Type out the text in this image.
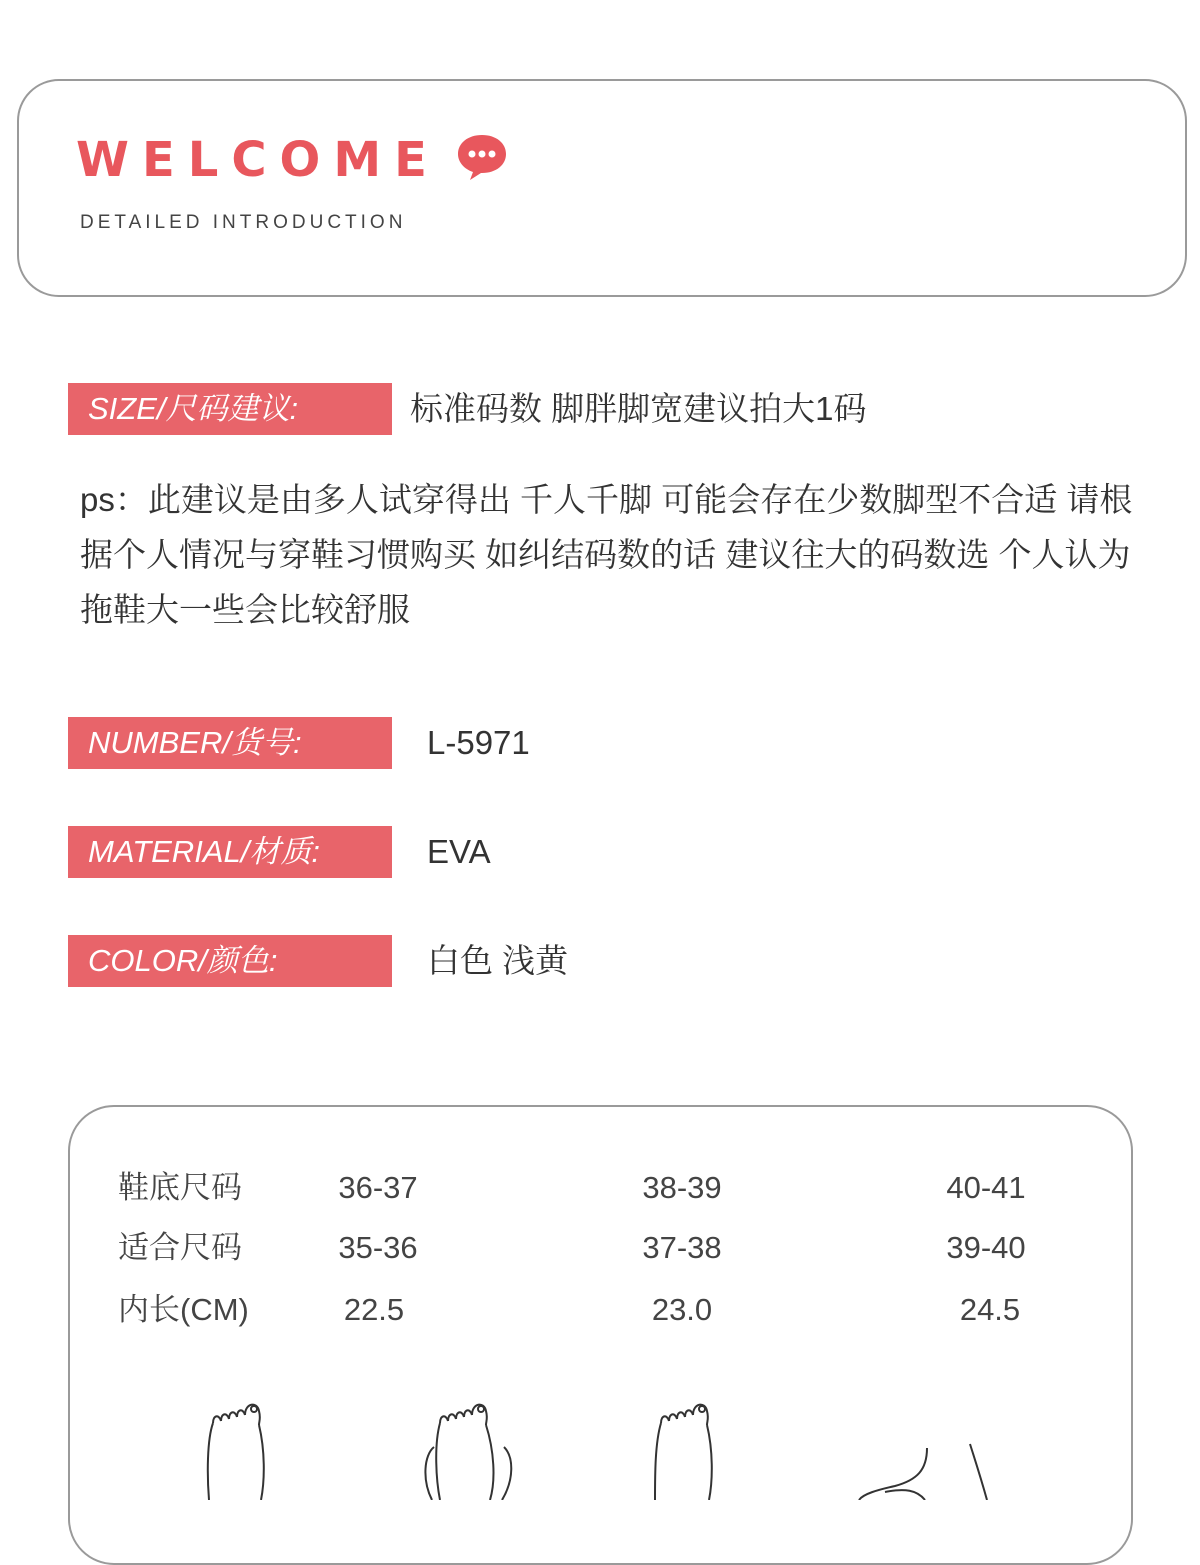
WELCOME
DETAILED INTRODUCTION
SIZE/尺码建议:	标准码数 脚胖脚宽建议拍大1码
ps：此建议是由多人试穿得出 千人千脚 可能会存在少数脚型不合适 请根据个人情况与穿鞋习惯购买 如纠结码数的话 建议往大的码数选 个人认为拖鞋大一些会比较舒服
NUMBER/货号:	L-5971
MATERIAL/材质:	EVA
COLOR/颜色:	白色 浅黄
鞋底尺码	36-37	38-39	40-41
适合尺码	35-36	37-38	39-40
内长(CM)	22.5	23.0	24.5
